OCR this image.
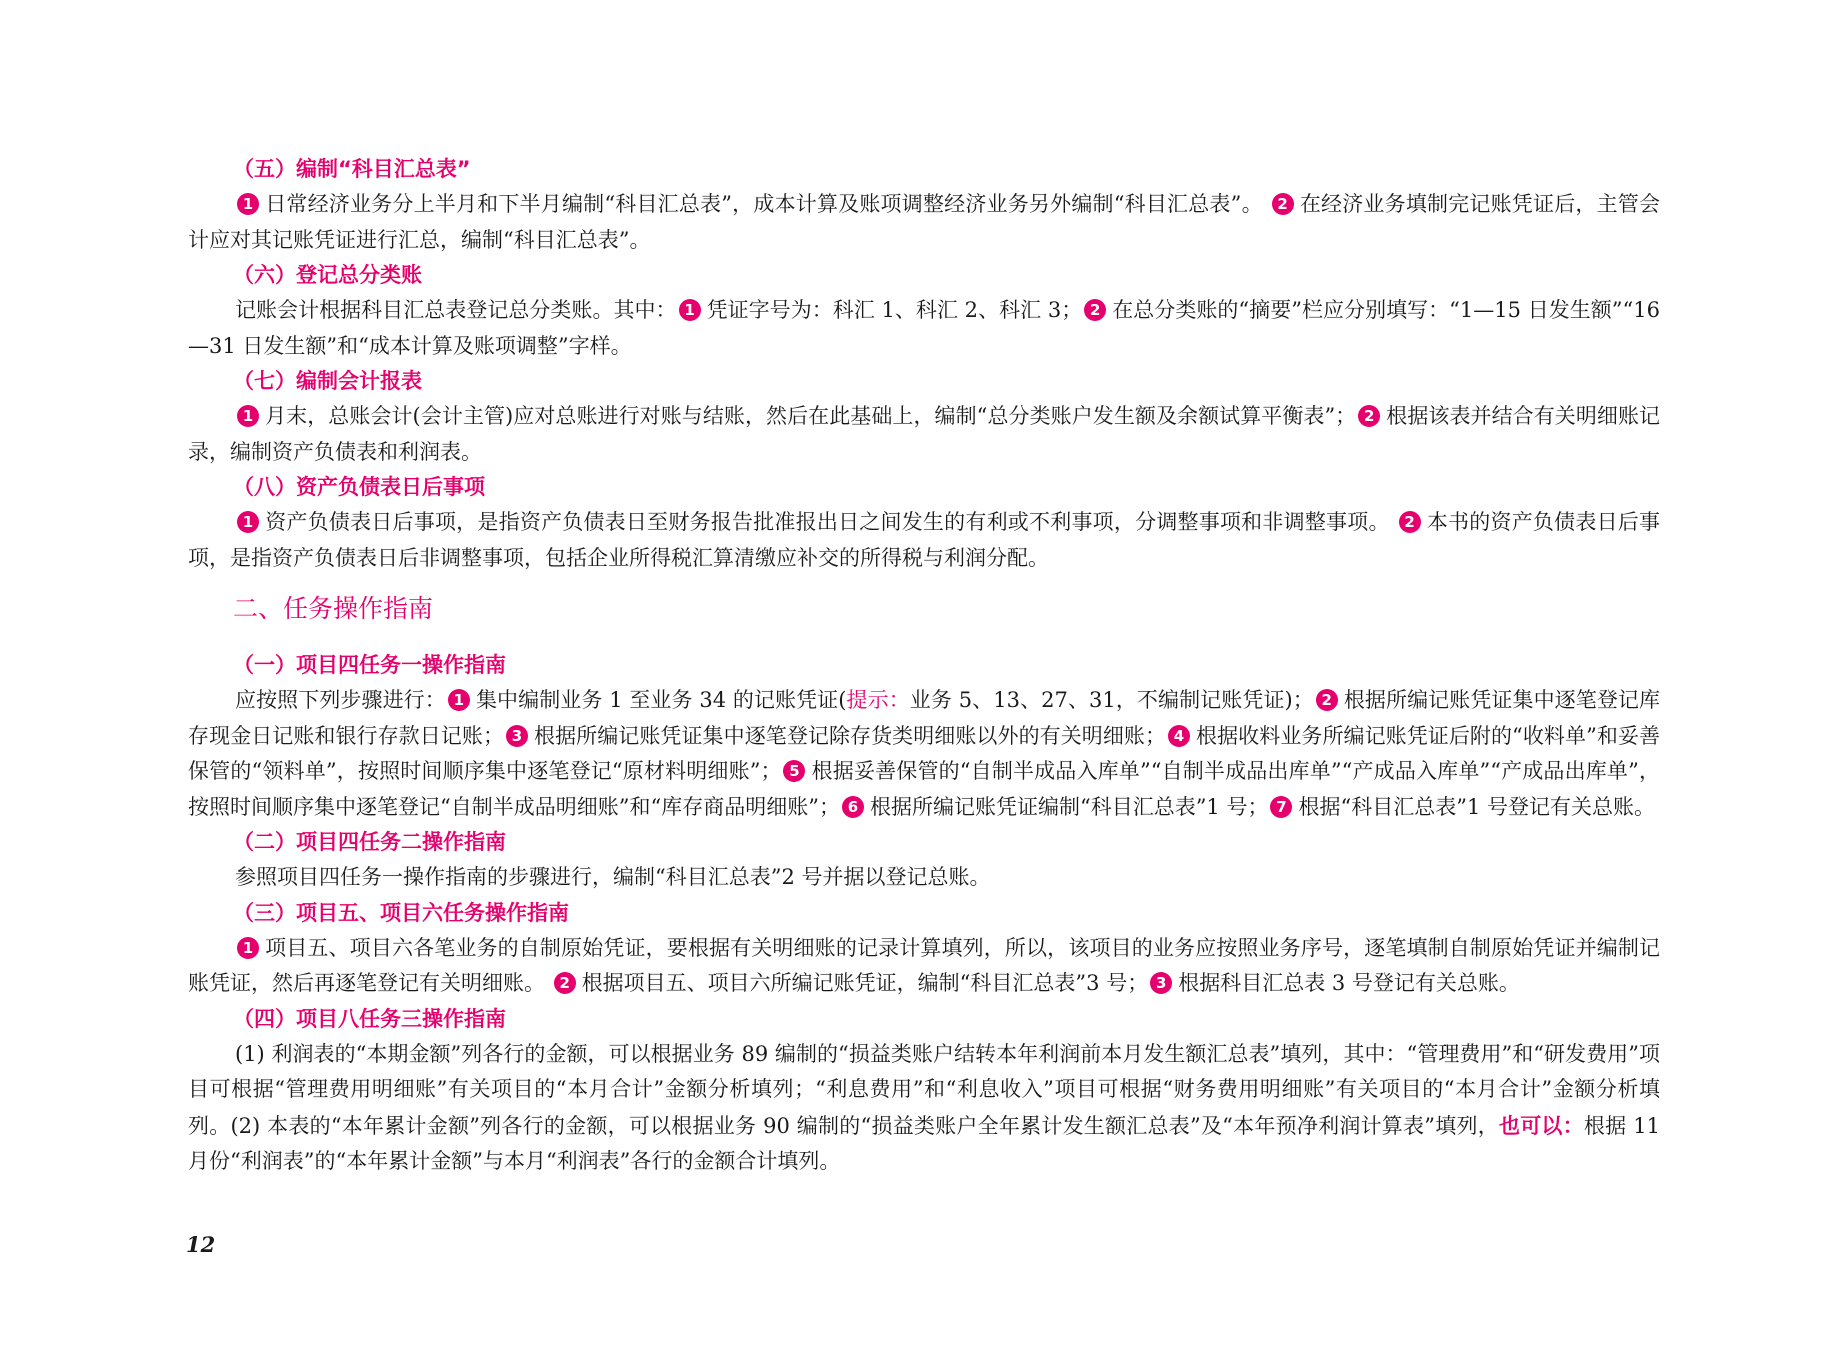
（五）编制“科目汇总表”

1 日常经济业务分上半月和下半月编制“科目汇总表”，成本计算及账项调整经济业务另外编制“科目汇总表”。 2 在经济业务填制完记账凭证后，主管会计应对其记账凭证进行汇总，编制“科目汇总表”。

（六）登记总分类账

记账会计根据科目汇总表登记总分类账。其中： 1 凭证字号为：科汇 1、科汇 2、科汇 3； 2 在总分类账的“摘要”栏应分别填写：“1—15 日发生额”“16—31 日发生额”和“成本计算及账项调整”字样。

（七）编制会计报表

1 月末，总账会计(会计主管)应对总账进行对账与结账，然后在此基础上，编制“总分类账户发生额及余额试算平衡表”； 2 根据该表并结合有关明细账记录，编制资产负债表和利润表。

（八）资产负债表日后事项

1 资产负债表日后事项，是指资产负债表日至财务报告批准报出日之间发生的有利或不利事项，分调整事项和非调整事项。 2 本书的资产负债表日后事项，是指资产负债表日后非调整事项，包括企业所得税汇算清缴应补交的所得税与利润分配。

二、任务操作指南
（一）项目四任务一操作指南

应按照下列步骤进行： 1 集中编制业务 1 至业务 34 的记账凭证(提示：业务 5、13、27、31，不编制记账凭证)； 2 根据所编记账凭证集中逐笔登记库存现金日记账和银行存款日记账； 3 根据所编记账凭证集中逐笔登记除存货类明细账以外的有关明细账； 4 根据收料业务所编记账凭证后附的“收料单”和妥善保管的“领料单”，按照时间顺序集中逐笔登记“原材料明细账”； 5 根据妥善保管的“自制半成品入库单”“自制半成品出库单”“产成品入库单”“产成品出库单”，按照时间顺序集中逐笔登记“自制半成品明细账”和“库存商品明细账”； 6 根据所编记账凭证编制“科目汇总表”1 号； 7 根据“科目汇总表”1 号登记有关总账。

（二）项目四任务二操作指南

参照项目四任务一操作指南的步骤进行，编制“科目汇总表”2 号并据以登记总账。

（三）项目五、项目六任务操作指南

1 项目五、项目六各笔业务的自制原始凭证，要根据有关明细账的记录计算填列，所以，该项目的业务应按照业务序号，逐笔填制自制原始凭证并编制记账凭证，然后再逐笔登记有关明细账。 2 根据项目五、项目六所编记账凭证，编制“科目汇总表”3 号； 3 根据科目汇总表 3 号登记有关总账。

（四）项目八任务三操作指南

(1) 利润表的“本期金额”列各行的金额，可以根据业务 89 编制的“损益类账户结转本年利润前本月发生额汇总表”填列，其中：“管理费用”和“研发费用”项目可根据“管理费用明细账”有关项目的“本月合计”金额分析填列；“利息费用”和“利息收入”项目可根据“财务费用明细账”有关项目的“本月合计”金额分析填列。(2) 本表的“本年累计金额”列各行的金额，可以根据业务 90 编制的“损益类账户全年累计发生额汇总表”及“本年预净利润计算表”填列，也可以：根据 11 月份“利润表”的“本年累计金额”与本月“利润表”各行的金额合计填列。

12
